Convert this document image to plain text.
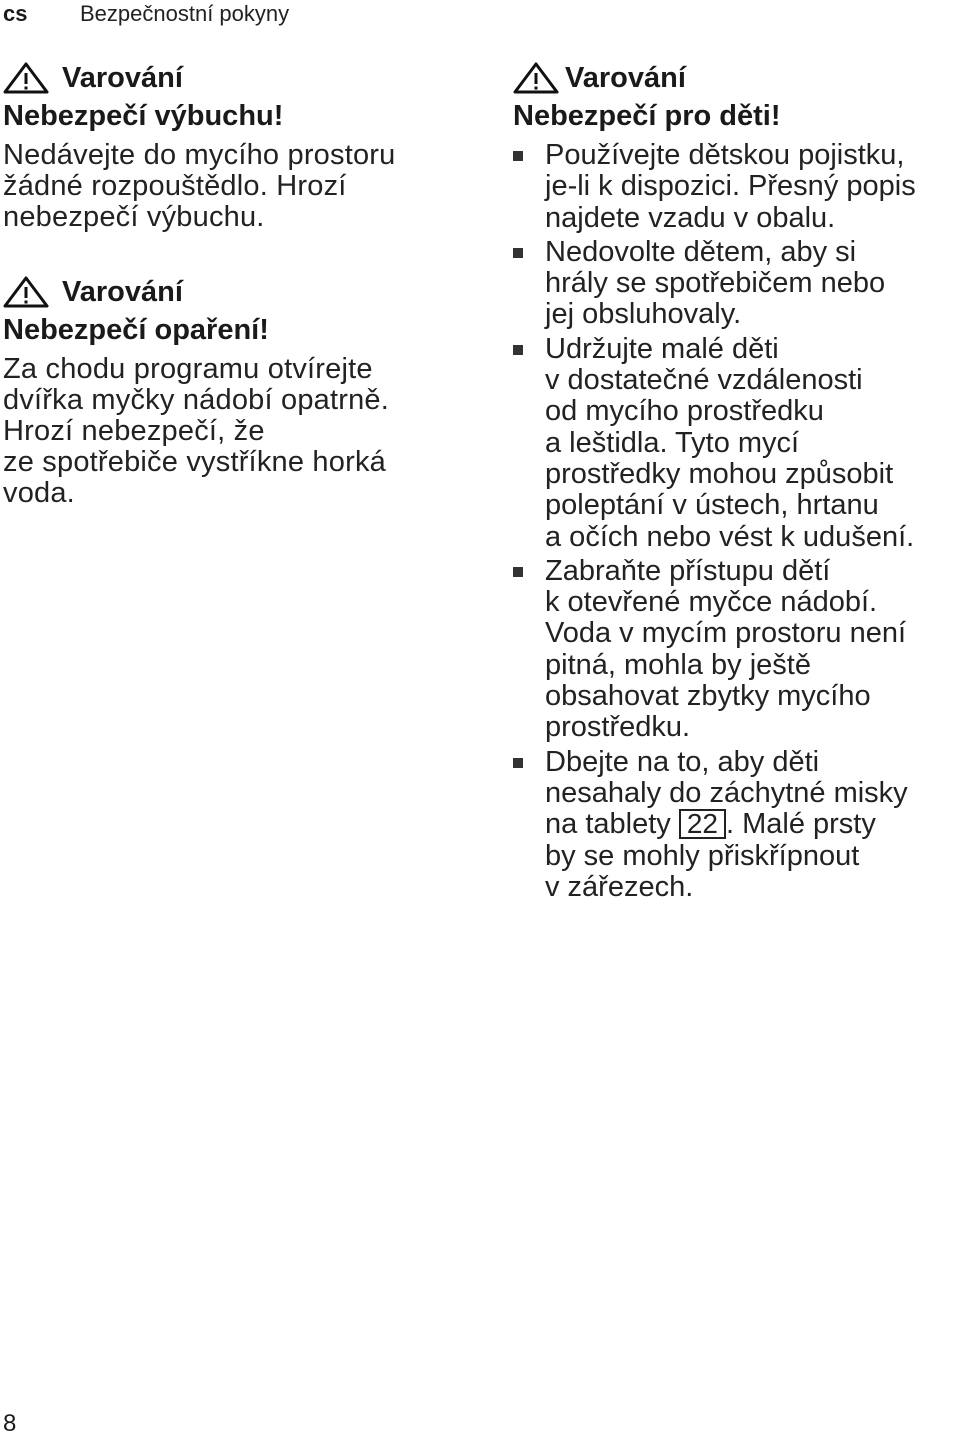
cs	Bezpečnostní pokyny
Varování
Nebezpečí výbuchu!
Nedávejte do mycího prostoru
žádné rozpouštědlo. Hrozí
nebezpečí výbuchu.
Varování
Nebezpečí opaření!
Za chodu programu otvírejte
dvířka myčky nádobí opatrně.
Hrozí nebezpečí, že
ze spotřebiče vystříkne horká
voda.
Varování
Nebezpečí pro děti!
Používejte dětskou pojistku,
je-li k dispozici. Přesný popis
najdete vzadu v obalu.
Nedovolte dětem, aby si
hrály se spotřebičem nebo
jej obsluhovaly.
Udržujte malé děti
v dostatečné vzdálenosti
od mycího prostředku
a leštidla. Tyto mycí
prostředky mohou způsobit
poleptání v ústech, hrtanu
a očích nebo vést k udušení.
Zabraňte přístupu dětí
k otevřené myčce nádobí.
Voda v mycím prostoru není
pitná, mohla by ještě
obsahovat zbytky mycího
prostředku.
Dbejte na to, aby děti
nesahaly do záchytné misky
na tablety 22 . Malé prsty
by se mohly přiskřípnout
v zářezech.
8
